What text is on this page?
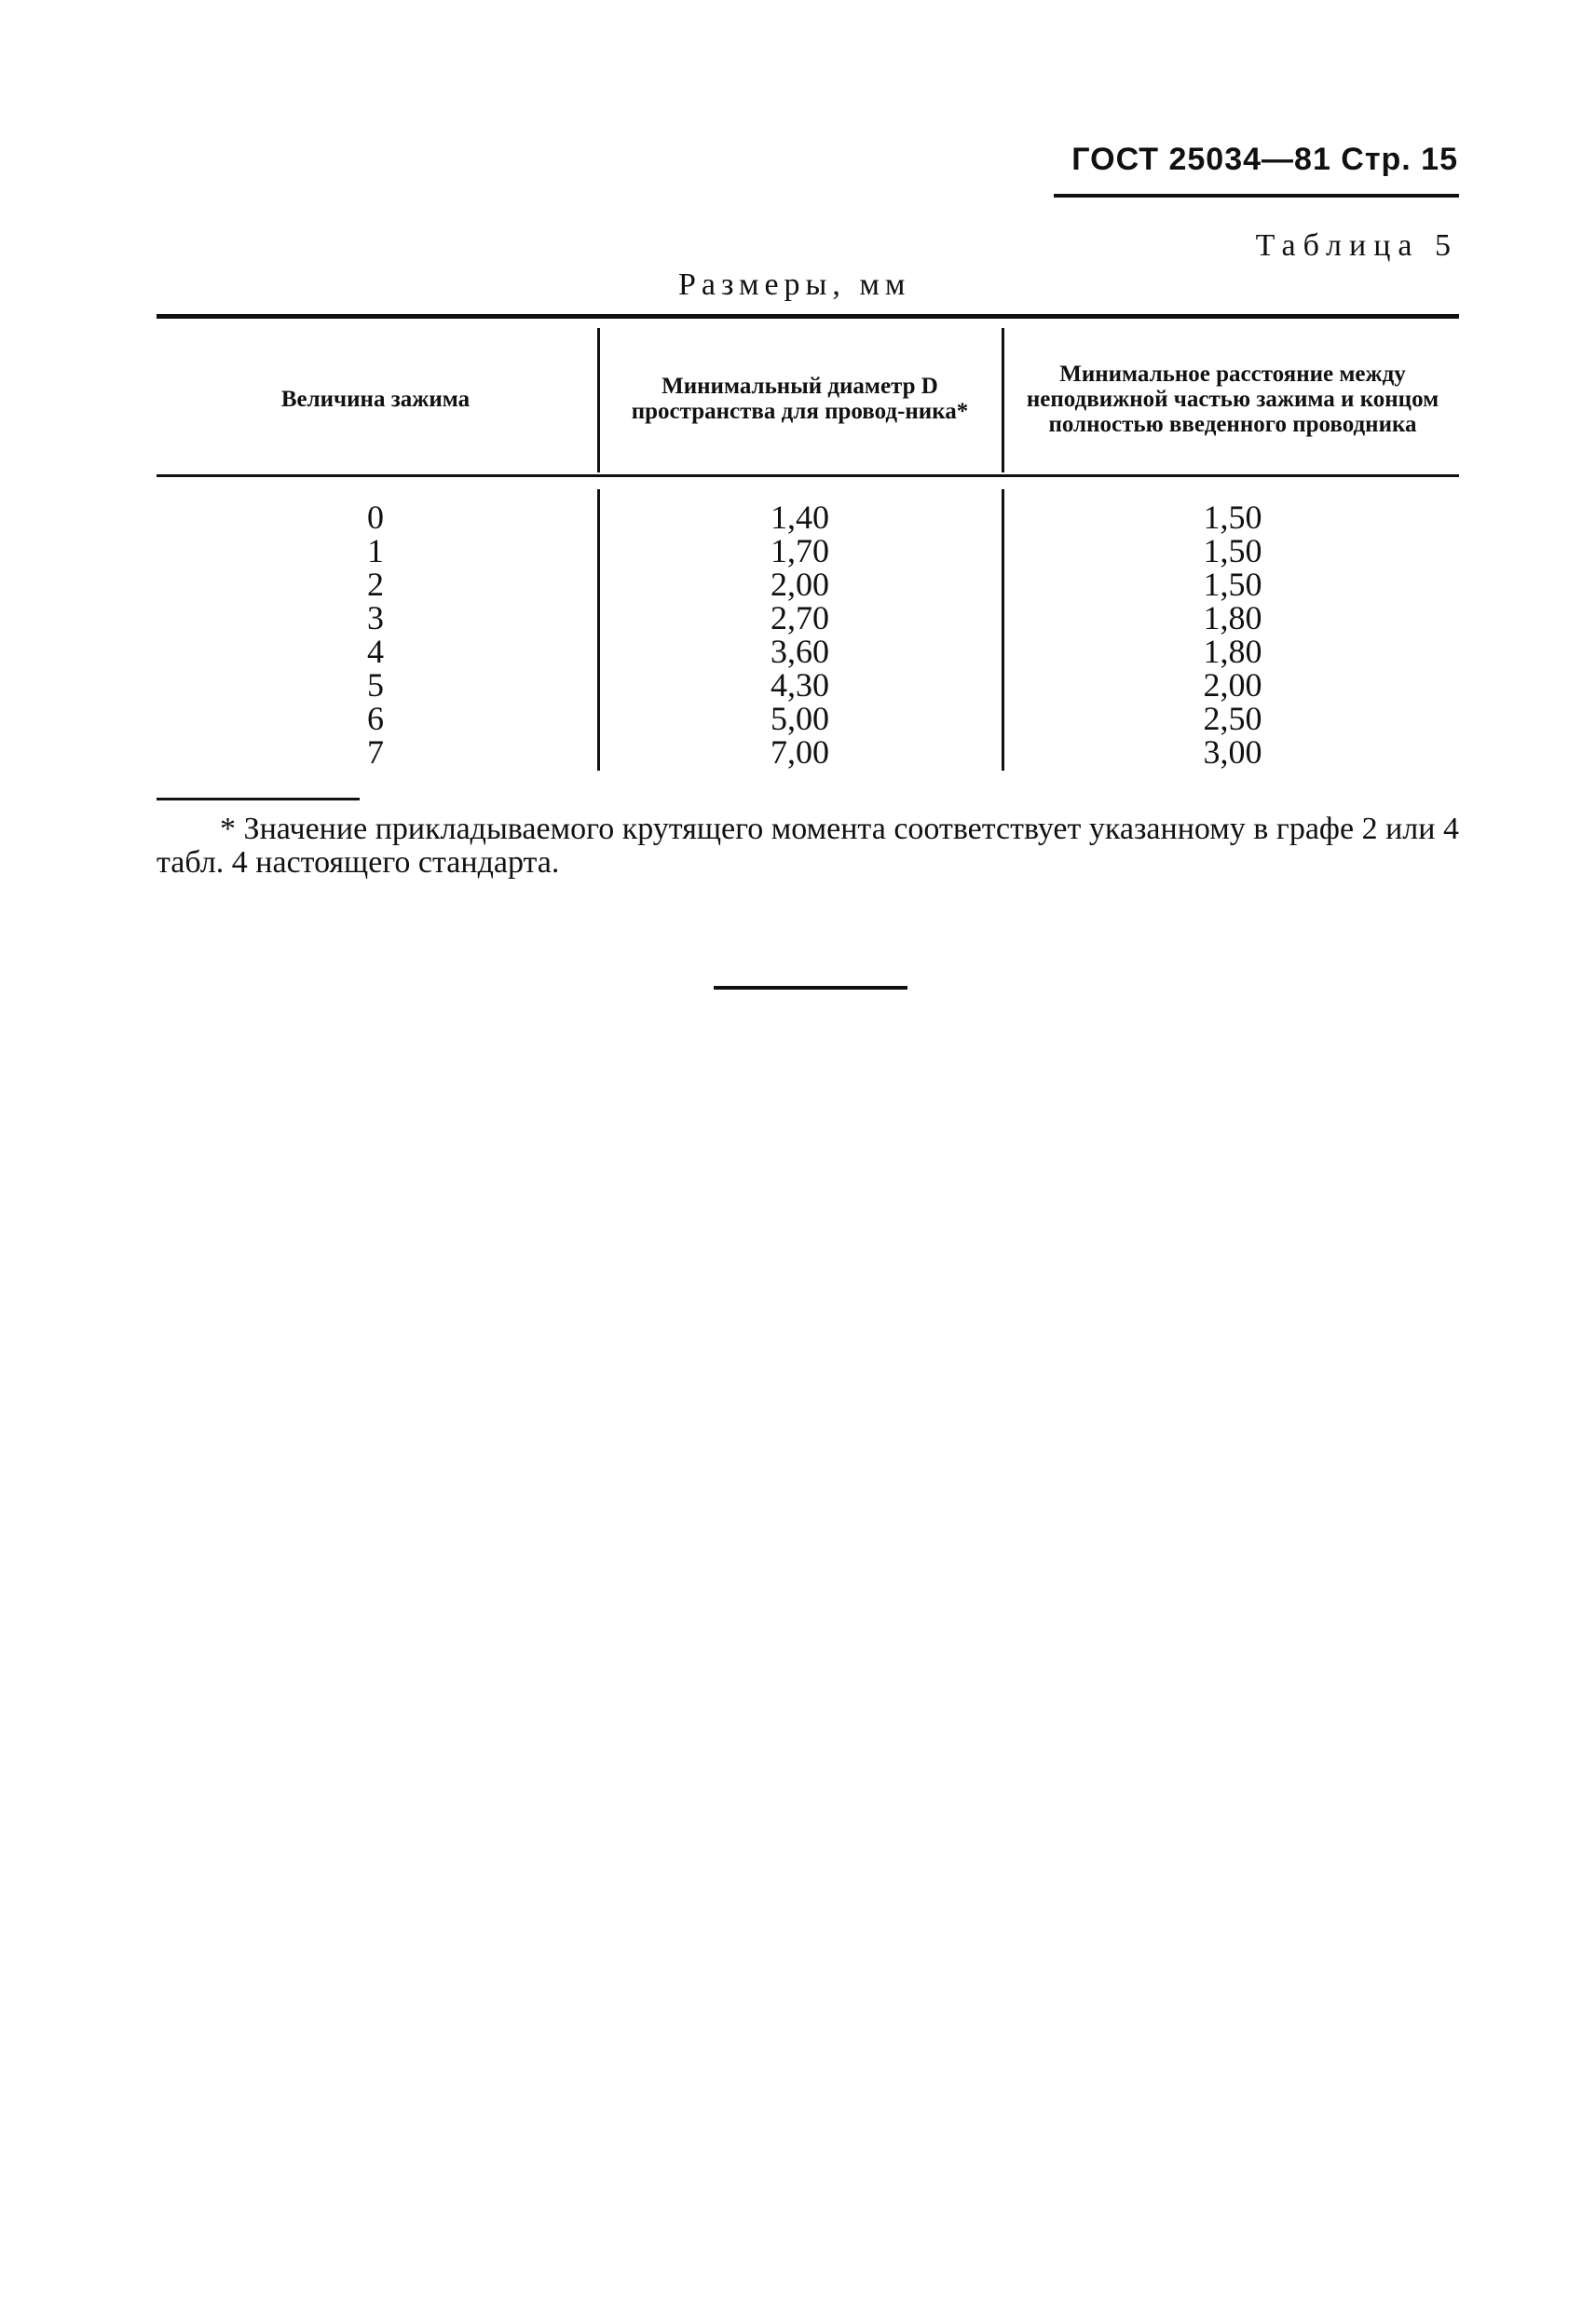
ГОСТ 25034—81 Стр. 15
Таблица 5
Размеры, мм
Величина зажима	Минимальный диаметр D пространства для провод-ника*
Минимальное расстояние между неподвижной частью зажима и концом полностью введенного проводника
0
1
2
3
4
5
6
7
1,40
1,70
2,00
2,70
3,60
4,30
5,00
7,00
1,50
1,50
1,50
1,80
1,80
2,00
2,50
3,00
* Значение прикладываемого крутящего момента соответствует указанному в графе 2 или 4 табл. 4 настоящего стандарта.
